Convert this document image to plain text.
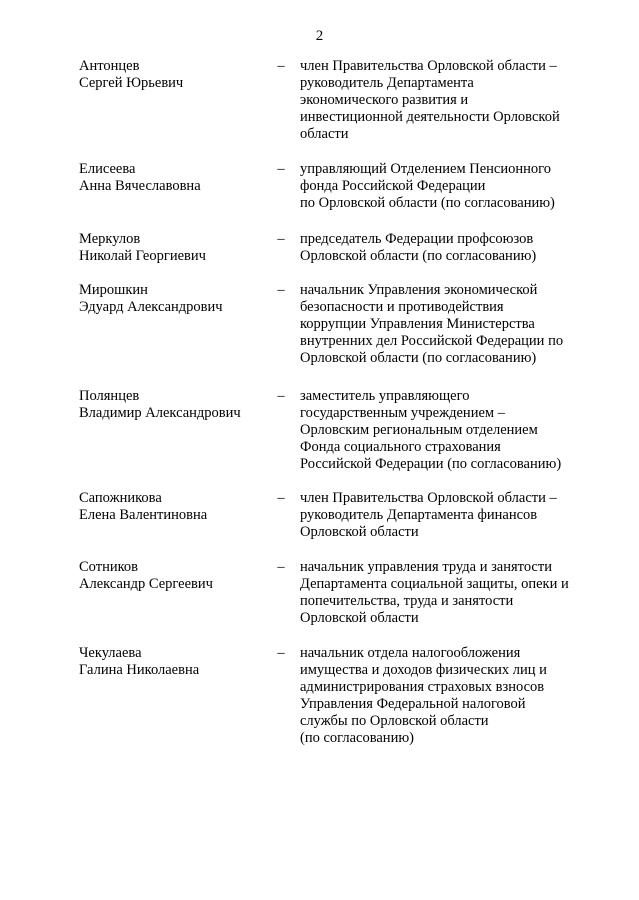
2
Антонцев
Сергей Юрьевич
– член Правительства Орловской области –
руководитель Департамента
экономического развития и
инвестиционной деятельности Орловской
области
Елисеева
Анна Вячеславовна
– управляющий Отделением Пенсионного
фонда Российской Федерации
по Орловской области (по согласованию)
Меркулов
Николай Георгиевич
– председатель Федерации профсоюзов
Орловской области (по согласованию)
Мирошкин
Эдуард Александрович
– начальник Управления экономической
безопасности и противодействия
коррупции Управления Министерства
внутренних дел Российской Федерации по
Орловской области (по согласованию)
Полянцев
Владимир Александрович
– заместитель управляющего
государственным учреждением –
Орловским региональным отделением
Фонда социального страхования
Российской Федерации (по согласованию)
Сапожникова
Елена Валентиновна
– член Правительства Орловской области –
руководитель Департамента финансов
Орловской области
Сотников
Александр Сергеевич
– начальник управления труда и занятости
Департамента социальной защиты, опеки и
попечительства, труда и занятости
Орловской области
Чекулаева
Галина Николаевна
– начальник отдела налогообложения
имущества и доходов физических лиц и
администрирования страховых взносов
Управления Федеральной налоговой
службы по Орловской области
(по согласованию)
